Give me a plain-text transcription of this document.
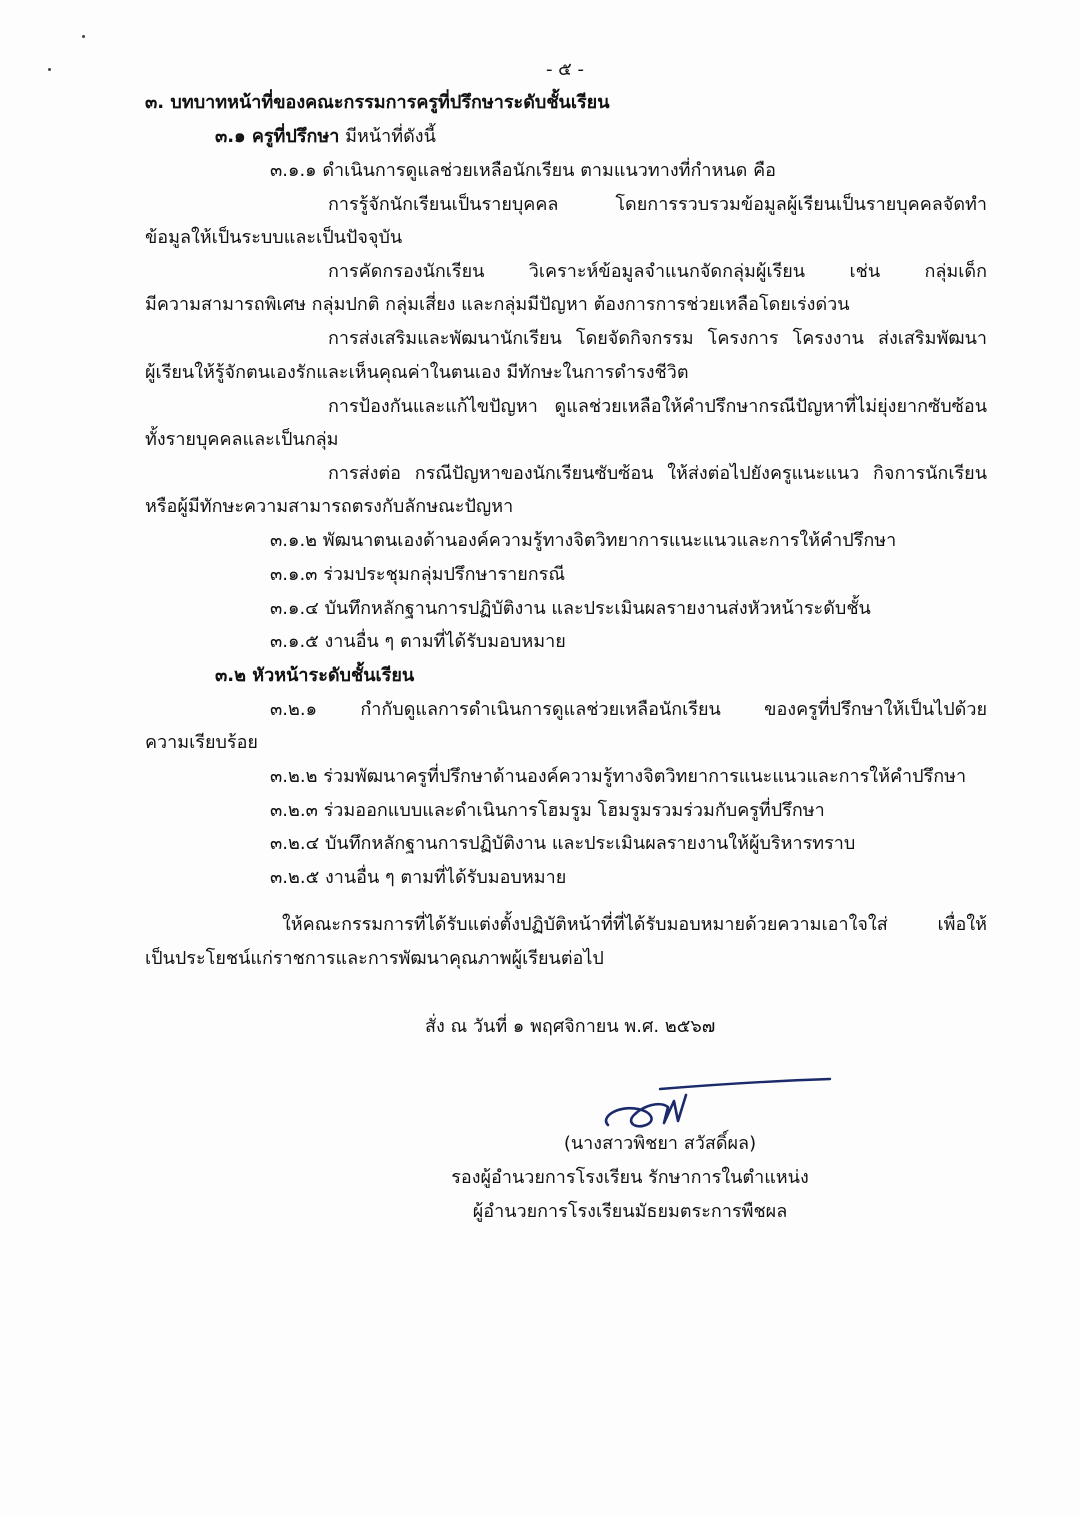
- ๕ -
๓. บทบาทหน้าที่ของคณะกรรมการครูที่ปรึกษาระดับชั้นเรียน
๓.๑ ครูที่ปรึกษา มีหน้าที่ดังนี้
๓.๑.๑ ดำเนินการดูแลช่วยเหลือนักเรียน ตามแนวทางที่กำหนด คือ
การรู้จักนักเรียนเป็นรายบุคคล โดยการรวบรวมข้อมูลผู้เรียนเป็นรายบุคคลจัดทำ
ข้อมูลให้เป็นระบบและเป็นปัจจุบัน
การคัดกรองนักเรียน วิเคราะห์ข้อมูลจำแนกจัดกลุ่มผู้เรียน เช่น กลุ่มเด็ก
มีความสามารถพิเศษ กลุ่มปกติ กลุ่มเสี่ยง และกลุ่มมีปัญหา ต้องการการช่วยเหลือโดยเร่งด่วน
การส่งเสริมและพัฒนานักเรียน โดยจัดกิจกรรม โครงการ โครงงาน ส่งเสริมพัฒนา
ผู้เรียนให้รู้จักตนเองรักและเห็นคุณค่าในตนเอง มีทักษะในการดำรงชีวิต
การป้องกันและแก้ไขปัญหา ดูแลช่วยเหลือให้คำปรึกษากรณีปัญหาที่ไม่ยุ่งยากซับซ้อน
ทั้งรายบุคคลและเป็นกลุ่ม
การส่งต่อ กรณีปัญหาของนักเรียนซับซ้อน ให้ส่งต่อไปยังครูแนะแนว กิจการนักเรียน
หรือผู้มีทักษะความสามารถตรงกับลักษณะปัญหา
๓.๑.๒ พัฒนาตนเองด้านองค์ความรู้ทางจิตวิทยาการแนะแนวและการให้คำปรึกษา
๓.๑.๓ ร่วมประชุมกลุ่มปรึกษารายกรณี
๓.๑.๔ บันทึกหลักฐานการปฏิบัติงาน และประเมินผลรายงานส่งหัวหน้าระดับชั้น
๓.๑.๕ งานอื่น ๆ ตามที่ได้รับมอบหมาย
๓.๒ หัวหน้าระดับชั้นเรียน
๓.๒.๑ กำกับดูแลการดำเนินการดูแลช่วยเหลือนักเรียน ของครูที่ปรึกษาให้เป็นไปด้วย
ความเรียบร้อย
๓.๒.๒ ร่วมพัฒนาครูที่ปรึกษาด้านองค์ความรู้ทางจิตวิทยาการแนะแนวและการให้คำปรึกษา
๓.๒.๓ ร่วมออกแบบและดำเนินการโฮมรูม โฮมรูมรวมร่วมกับครูที่ปรึกษา
๓.๒.๔ บันทึกหลักฐานการปฏิบัติงาน และประเมินผลรายงานให้ผู้บริหารทราบ
๓.๒.๕ งานอื่น ๆ ตามที่ได้รับมอบหมาย
ให้คณะกรรมการที่ได้รับแต่งตั้งปฏิบัติหน้าที่ที่ได้รับมอบหมายด้วยความเอาใจใส่ เพื่อให้
เป็นประโยชน์แก่ราชการและการพัฒนาคุณภาพผู้เรียนต่อไป
สั่ง ณ วันที่ ๑ พฤศจิกายน พ.ศ. ๒๕๖๗
(นางสาวพิชยา สวัสดิ์ผล)
รองผู้อำนวยการโรงเรียน รักษาการในตำแหน่ง
ผู้อำนวยการโรงเรียนมัธยมตระการพืชผล
